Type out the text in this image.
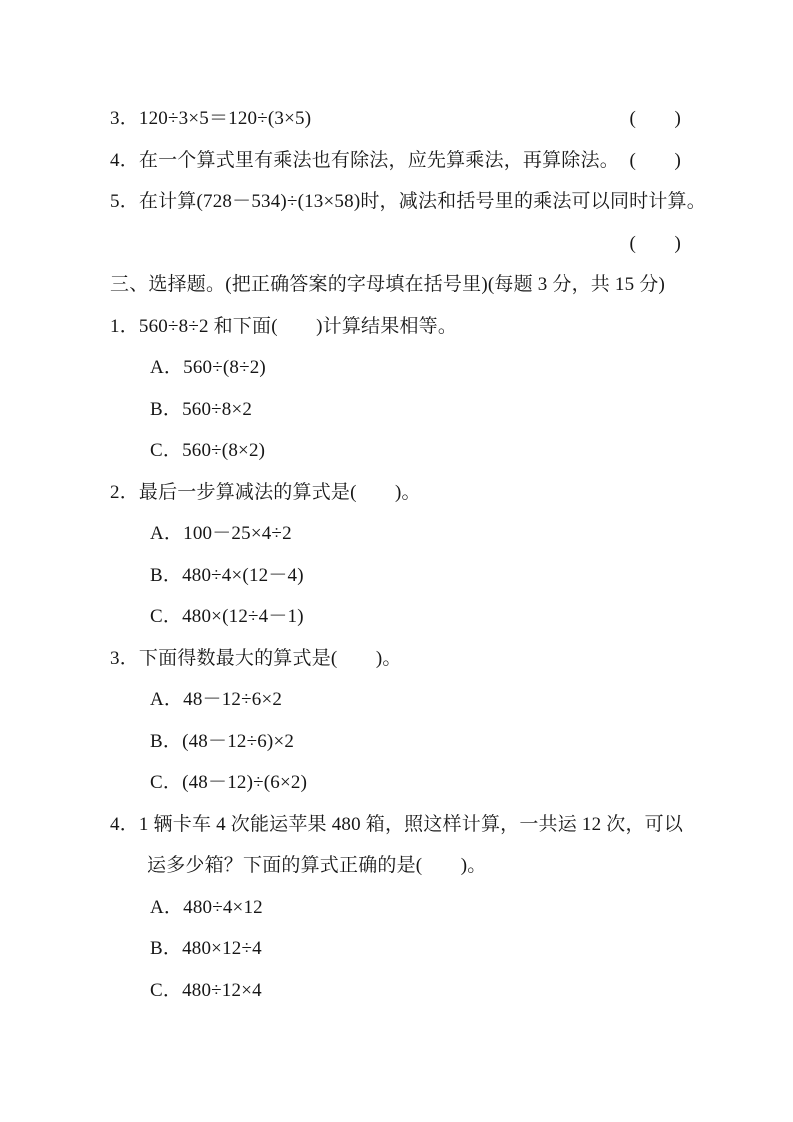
3．120÷3×5＝120÷(3×5)	(　　)
4．在一个算式里有乘法也有除法，应先算乘法，再算除法。 (　　)
5．在计算(728－534)÷(13×58)时，减法和括号里的乘法可以同时计算。
(　　)
三、选择题。(把正确答案的字母填在括号里)(每题 3 分，共 15 分)
1．560÷8÷2 和下面(　　)计算结果相等。
A．560÷(8÷2)
B．560÷8×2
C．560÷(8×2)
2．最后一步算减法的算式是(　　)。
A．100－25×4÷2
B．480÷4×(12－4)
C．480×(12÷4－1)
3．下面得数最大的算式是(　　)。
A．48－12÷6×2
B．(48－12÷6)×2
C．(48－12)÷(6×2)
4．1 辆卡车 4 次能运苹果 480 箱，照这样计算，一共运 12 次，可以
运多少箱？下面的算式正确的是(　　)。
A．480÷4×12
B．480×12÷4
C．480÷12×4
